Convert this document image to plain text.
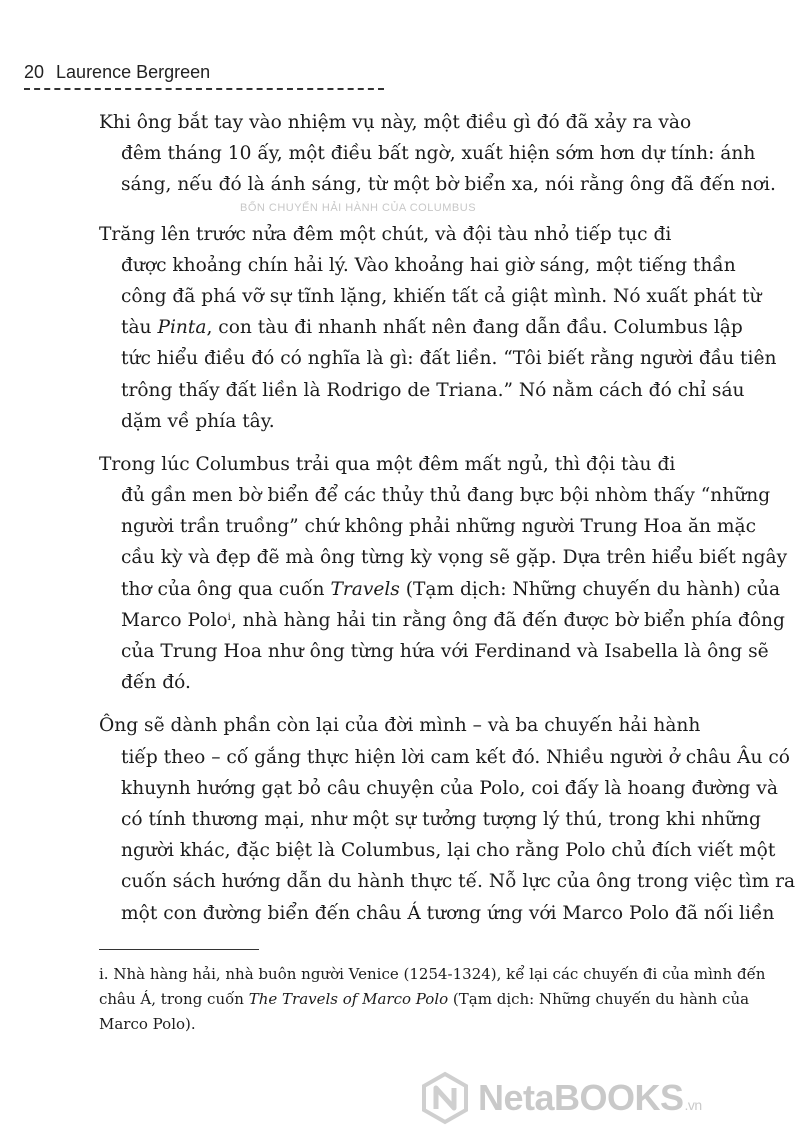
20 Laurence Bergreen
BỐN CHUYẾN HẢI HÀNH CỦA COLUMBUS

Khi ông bắt tay vào nhiệm vụ này, một điều gì đó đã xảy ra vào

đêm tháng 10 ấy, một điều bất ngờ, xuất hiện sớm hơn dự tính: ánh

sáng, nếu đó là ánh sáng, từ một bờ biển xa, nói rằng ông đã đến nơi.

Trăng lên trước nửa đêm một chút, và đội tàu nhỏ tiếp tục đi

được khoảng chín hải lý. Vào khoảng hai giờ sáng, một tiếng thần

công đã phá vỡ sự tĩnh lặng, khiến tất cả giật mình. Nó xuất phát từ

tàu Pinta, con tàu đi nhanh nhất nên đang dẫn đầu. Columbus lập

tức hiểu điều đó có nghĩa là gì: đất liền. “Tôi biết rằng người đầu tiên

trông thấy đất liền là Rodrigo de Triana.” Nó nằm cách đó chỉ sáu

dặm về phía tây.

Trong lúc Columbus trải qua một đêm mất ngủ, thì đội tàu đi

đủ gần men bờ biển để các thủy thủ đang bực bội nhòm thấy “những

người trần truồng” chứ không phải những người Trung Hoa ăn mặc

cầu kỳ và đẹp đẽ mà ông từng kỳ vọng sẽ gặp. Dựa trên hiểu biết ngây

thơ của ông qua cuốn Travels (Tạm dịch: Những chuyến du hành) của

Marco Polo$^i$, nhà hàng hải tin rằng ông đã đến được bờ biển phía đông

của Trung Hoa như ông từng hứa với Ferdinand và Isabella là ông sẽ

đến đó.

Ông sẽ dành phần còn lại của đời mình – và ba chuyến hải hành

tiếp theo – cố gắng thực hiện lời cam kết đó. Nhiều người ở châu Âu có

khuynh hướng gạt bỏ câu chuyện của Polo, coi đấy là hoang đường và

có tính thương mại, như một sự tưởng tượng lý thú, trong khi những

người khác, đặc biệt là Columbus, lại cho rằng Polo chủ đích viết một

cuốn sách hướng dẫn du hành thực tế. Nỗ lực của ông trong việc tìm ra

một con đường biển đến châu Á tương ứng với Marco Polo đã nối liền

i. Nhà hàng hải, nhà buôn người Venice (1254-1324), kể lại các chuyến đi của mình đến

châu Á, trong cuốn The Travels of Marco Polo (Tạm dịch: Những chuyến du hành của

Marco Polo).

NetaBOOKS.vn
